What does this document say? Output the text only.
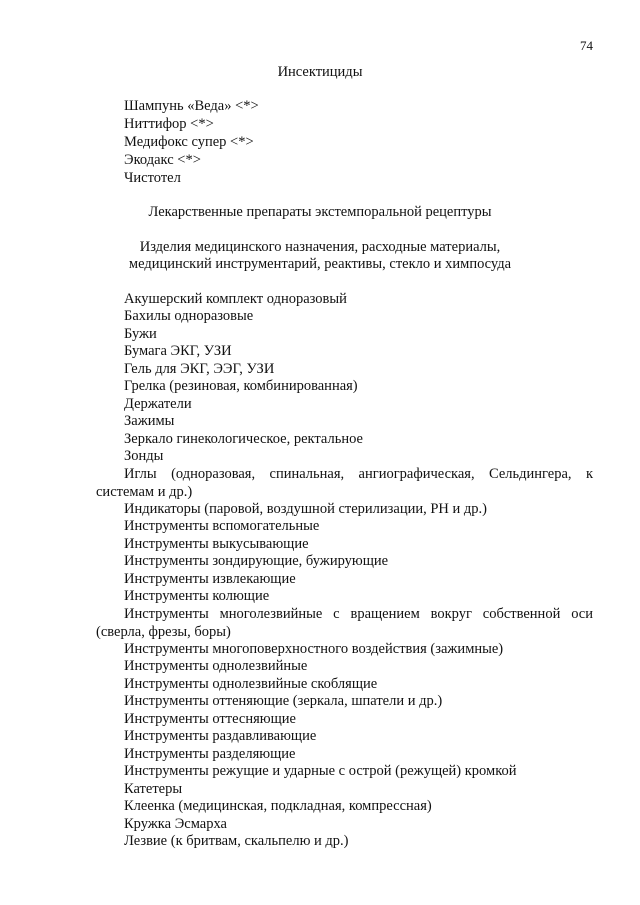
74
Инсектициды
Шампунь «Веда» <*>
Ниттифор <*>
Медифокс супер <*>
Экодакс <*>
Чистотел
Лекарственные препараты экстемпоральной рецептуры
Изделия медицинского назначения, расходные материалы,
медицинский инструментарий, реактивы, стекло и химпосуда
Акушерский комплект одноразовый
Бахилы одноразовые
Бужи
Бумага ЭКГ, УЗИ
Гель для ЭКГ, ЭЭГ, УЗИ
Грелка (резиновая, комбинированная)
Держатели
Зажимы
Зеркало гинекологическое, ректальное
Зонды
Иглы (одноразовая, спинальная, ангиографическая, Сельдингера, к системам и др.)
Индикаторы (паровой, воздушной стерилизации, PH и др.)
Инструменты вспомогательные
Инструменты выкусывающие
Инструменты зондирующие, бужирующие
Инструменты извлекающие
Инструменты колющие
Инструменты многолезвийные с вращением вокруг собственной оси (сверла, фрезы, боры)
Инструменты многоповерхностного воздействия (зажимные)
Инструменты однолезвийные
Инструменты однолезвийные скоблящие
Инструменты оттеняющие (зеркала, шпатели и др.)
Инструменты оттесняющие
Инструменты раздавливающие
Инструменты разделяющие
Инструменты режущие и ударные с острой (режущей) кромкой
Катетеры
Клеенка (медицинская, подкладная, компрессная)
Кружка Эсмарха
Лезвие (к бритвам, скальпелю и др.)
